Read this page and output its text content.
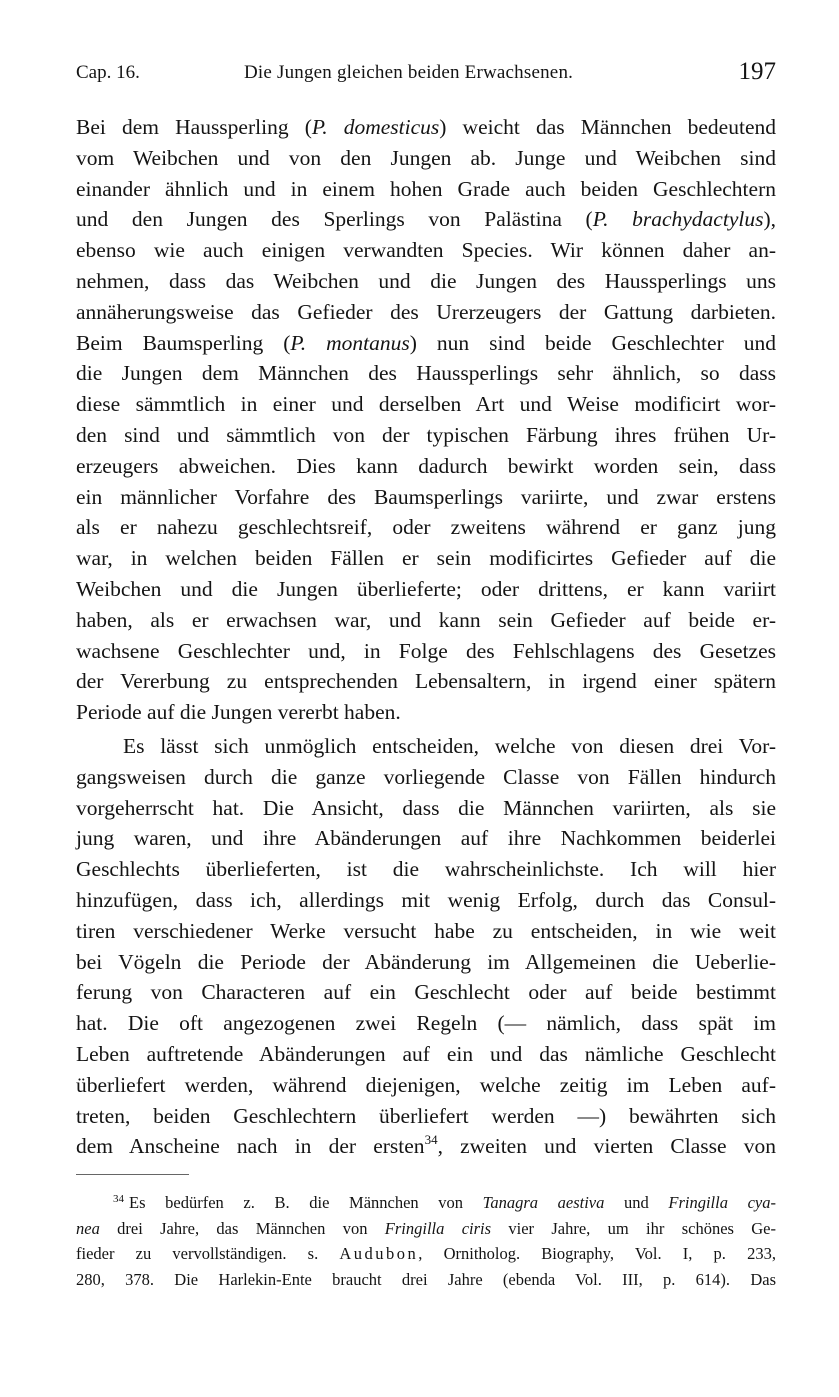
Cap. 16.	Die Jungen gleichen beiden Erwachsenen.	197
Bei dem Haussperling (P. domesticus) weicht das Männchen bedeutend
vom Weibchen und von den Jungen ab. Junge und Weibchen sind
einander ähnlich und in einem hohen Grade auch beiden Geschlechtern
und den Jungen des Sperlings von Palästina (P. brachydactylus),
ebenso wie auch einigen verwandten Species. Wir können daher an-
nehmen, dass das Weibchen und die Jungen des Haussperlings uns
annäherungsweise das Gefieder des Urerzeugers der Gattung darbieten.
Beim Baumsperling (P. montanus) nun sind beide Geschlechter und
die Jungen dem Männchen des Haussperlings sehr ähnlich, so dass
diese sämmtlich in einer und derselben Art und Weise modificirt wor-
den sind und sämmtlich von der typischen Färbung ihres frühen Ur-
erzeugers abweichen. Dies kann dadurch bewirkt worden sein, dass
ein männlicher Vorfahre des Baumsperlings variirte, und zwar erstens
als er nahezu geschlechtsreif, oder zweitens während er ganz jung
war, in welchen beiden Fällen er sein modificirtes Gefieder auf die
Weibchen und die Jungen überlieferte; oder drittens, er kann variirt
haben, als er erwachsen war, und kann sein Gefieder auf beide er-
wachsene Geschlechter und, in Folge des Fehlschlagens des Gesetzes
der Vererbung zu entsprechenden Lebensaltern, in irgend einer spätern
Periode auf die Jungen vererbt haben.
Es lässt sich unmöglich entscheiden, welche von diesen drei Vor-
gangsweisen durch die ganze vorliegende Classe von Fällen hindurch
vorgeherrscht hat. Die Ansicht, dass die Männchen variirten, als sie
jung waren, und ihre Abänderungen auf ihre Nachkommen beiderlei
Geschlechts überlieferten, ist die wahrscheinlichste. Ich will hier
hinzufügen, dass ich, allerdings mit wenig Erfolg, durch das Consul-
tiren verschiedener Werke versucht habe zu entscheiden, in wie weit
bei Vögeln die Periode der Abänderung im Allgemeinen die Ueberlie-
ferung von Characteren auf ein Geschlecht oder auf beide bestimmt
hat. Die oft angezogenen zwei Regeln (— nämlich, dass spät im
Leben auftretende Abänderungen auf ein und das nämliche Geschlecht
überliefert werden, während diejenigen, welche zeitig im Leben auf-
treten, beiden Geschlechtern überliefert werden —) bewährten sich
dem Anscheine nach in der ersten$^{34}$, zweiten und vierten Classe von
$^{34}$ Es bedürfen z. B. die Männchen von Tanagra aestiva und Fringilla cya-
nea drei Jahre, das Männchen von Fringilla ciris vier Jahre, um ihr schönes Ge-
fieder zu vervollständigen. s. Audubon, Ornitholog. Biography, Vol. I, p. 233,
280, 378. Die Harlekin-Ente braucht drei Jahre (ebenda Vol. III, p. 614). Das
